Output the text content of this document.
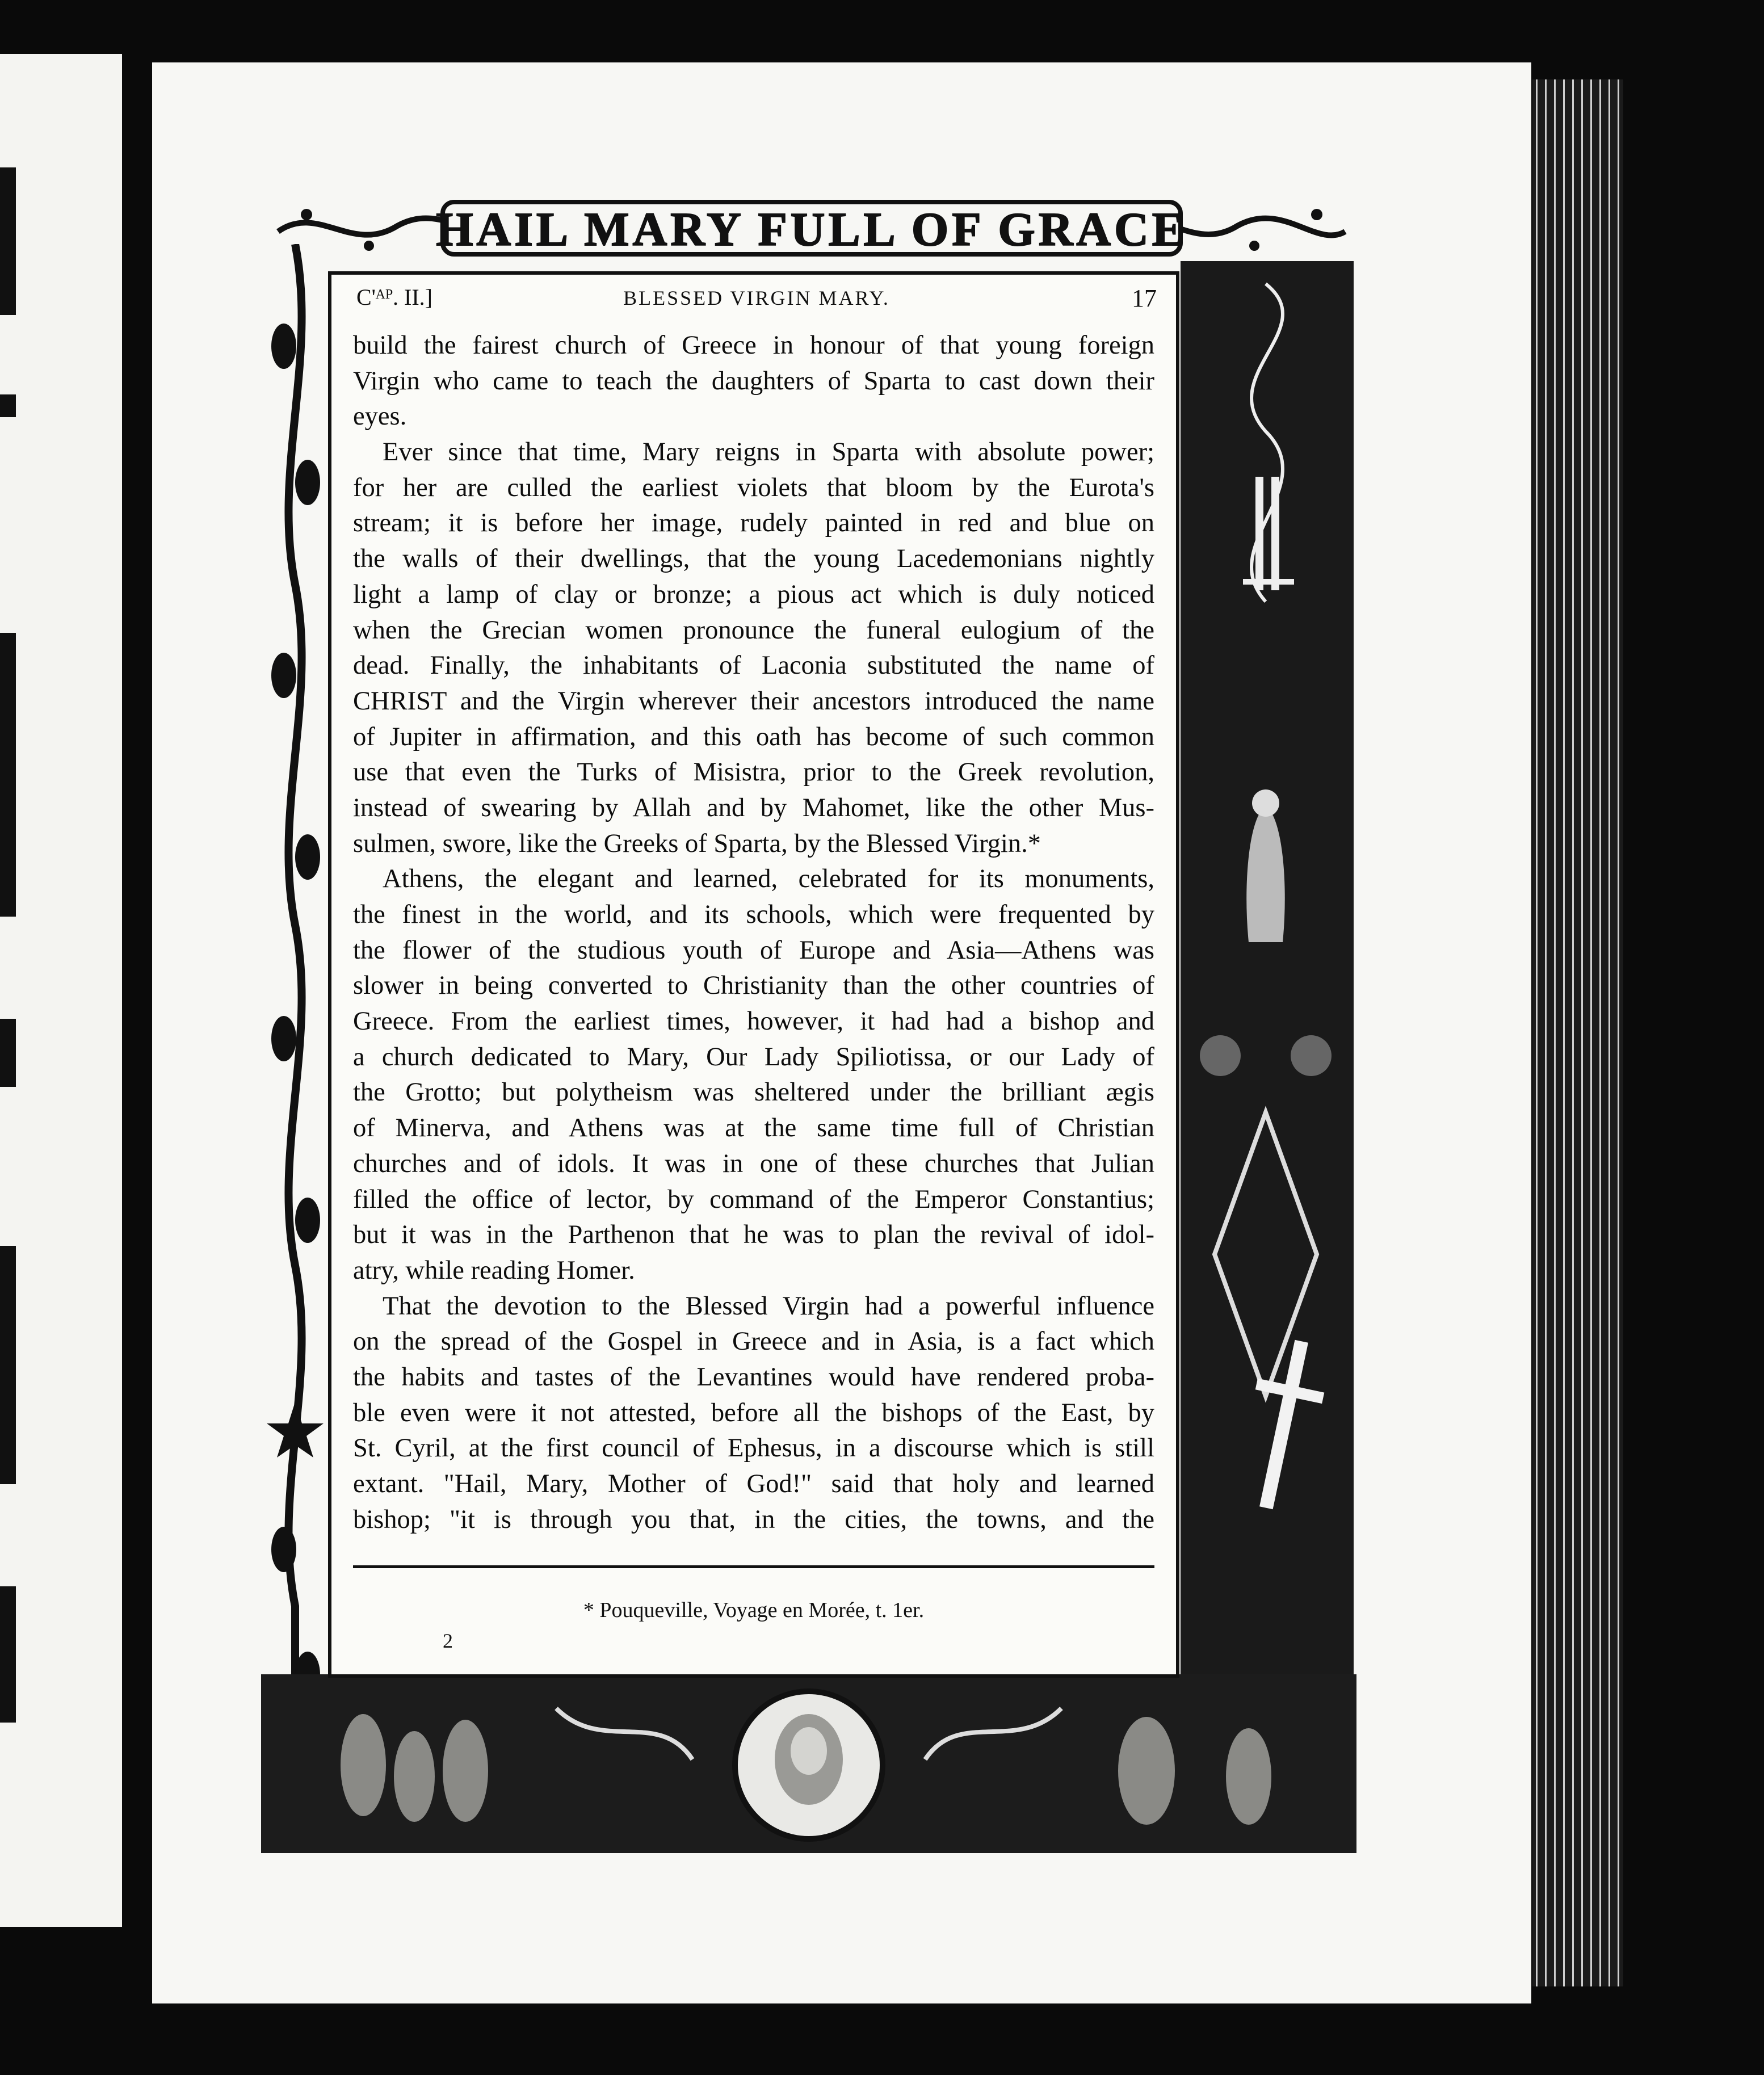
HAIL MARY FULL OF GRACE
C'ᴬᴾ. II.]	BLESSED VIRGIN MARY.	17
build the fairest church of Greece in honour of that young foreign
Virgin who came to teach the daughters of Sparta to cast down their
eyes.
Ever since that time, Mary reigns in Sparta with absolute power;
for her are culled the earliest violets that bloom by the Eurota's
stream; it is before her image, rudely painted in red and blue on
the walls of their dwellings, that the young Lacedemonians nightly
light a lamp of clay or bronze; a pious act which is duly noticed
when the Grecian women pronounce the funeral eulogium of the
dead. Finally, the inhabitants of Laconia substituted the name of
CHRIST and the Virgin wherever their ancestors introduced the name
of Jupiter in affirmation, and this oath has become of such common
use that even the Turks of Misistra, prior to the Greek revolution,
instead of swearing by Allah and by Mahomet, like the other Mus-
sulmen, swore, like the Greeks of Sparta, by the Blessed Virgin.*
Athens, the elegant and learned, celebrated for its monuments,
the finest in the world, and its schools, which were frequented by
the flower of the studious youth of Europe and Asia—Athens was
slower in being converted to Christianity than the other countries of
Greece. From the earliest times, however, it had had a bishop and
a church dedicated to Mary, Our Lady Spiliotissa, or our Lady of
the Grotto; but polytheism was sheltered under the brilliant ægis
of Minerva, and Athens was at the same time full of Christian
churches and of idols. It was in one of these churches that Julian
filled the office of lector, by command of the Emperor Constantius;
but it was in the Parthenon that he was to plan the revival of idol-
atry, while reading Homer.
That the devotion to the Blessed Virgin had a powerful influence
on the spread of the Gospel in Greece and in Asia, is a fact which
the habits and tastes of the Levantines would have rendered proba-
ble even were it not attested, before all the bishops of the East, by
St. Cyril, at the first council of Ephesus, in a discourse which is still
extant. "Hail, Mary, Mother of God!" said that holy and learned
bishop; "it is through you that, in the cities, the towns, and the
* Pouqueville, Voyage en Morée, t. 1er.
2
